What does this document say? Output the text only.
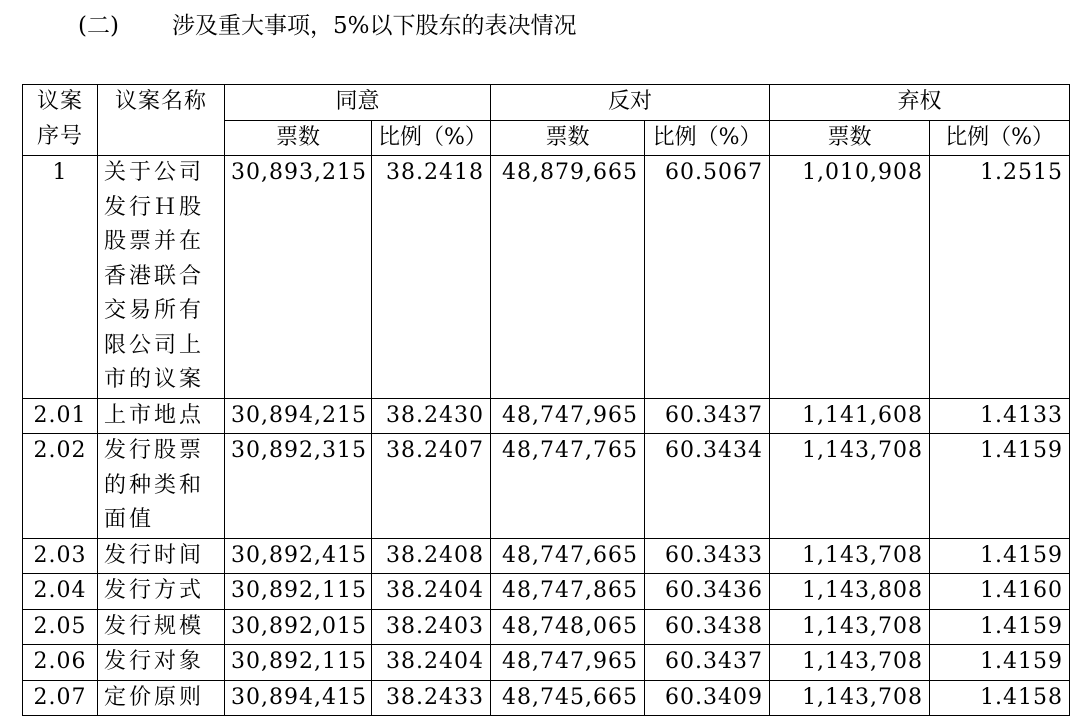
(二) 涉及重大事项，5%以下股东的表决情况
议案序号	议案名称	同意		反对		弃权	
		票数	比例（%）	票数	比例（%）	票数	比例（%）
1	关于公司发行Ｈ股股票并在香港联合交易所有限公司上市的议案	30,893,215	38.2418	48,879,665	60.5067	1,010,908	1.2515
2.01	上市地点	30,894,215	38.2430	48,747,965	60.3437	1,141,608	1.4133
2.02	发行股票的种类和面值	30,892,315	38.2407	48,747,765	60.3434	1,143,708	1.4159
2.03	发行时间	30,892,415	38.2408	48,747,665	60.3433	1,143,708	1.4159
2.04	发行方式	30,892,115	38.2404	48,747,865	60.3436	1,143,808	1.4160
2.05	发行规模	30,892,015	38.2403	48,748,065	60.3438	1,143,708	1.4159
2.06	发行对象	30,892,115	38.2404	48,747,965	60.3437	1,143,708	1.4159
2.07	定价原则	30,894,415	38.2433	48,745,665	60.3409	1,143,708	1.4158
